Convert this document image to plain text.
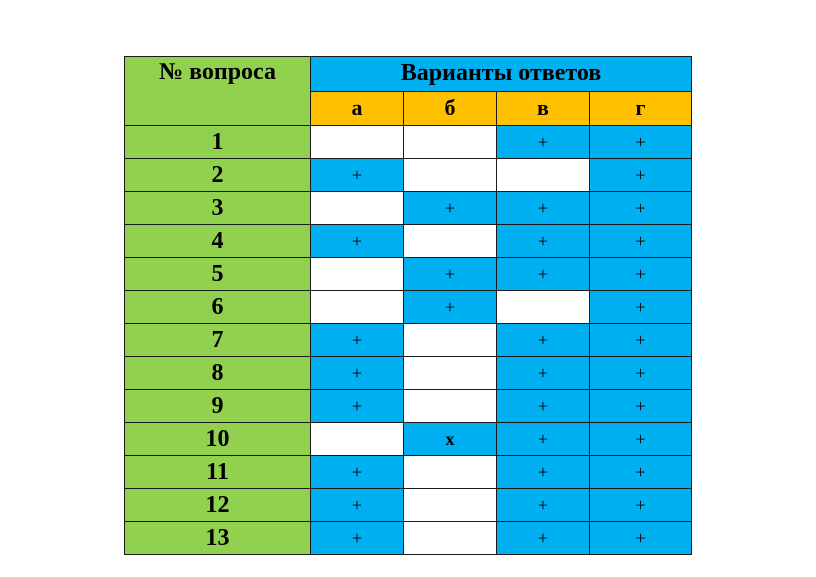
№ вопроса	Варианты ответов			
	а	б	в	г
1			+	+
2	+			+
3		+	+	+
4	+		+	+
5		+	+	+
6		+		+
7	+		+	+
8	+		+	+
9	+		+	+
10		х	+	+
11	+		+	+
12	+		+	+
13	+		+	+
